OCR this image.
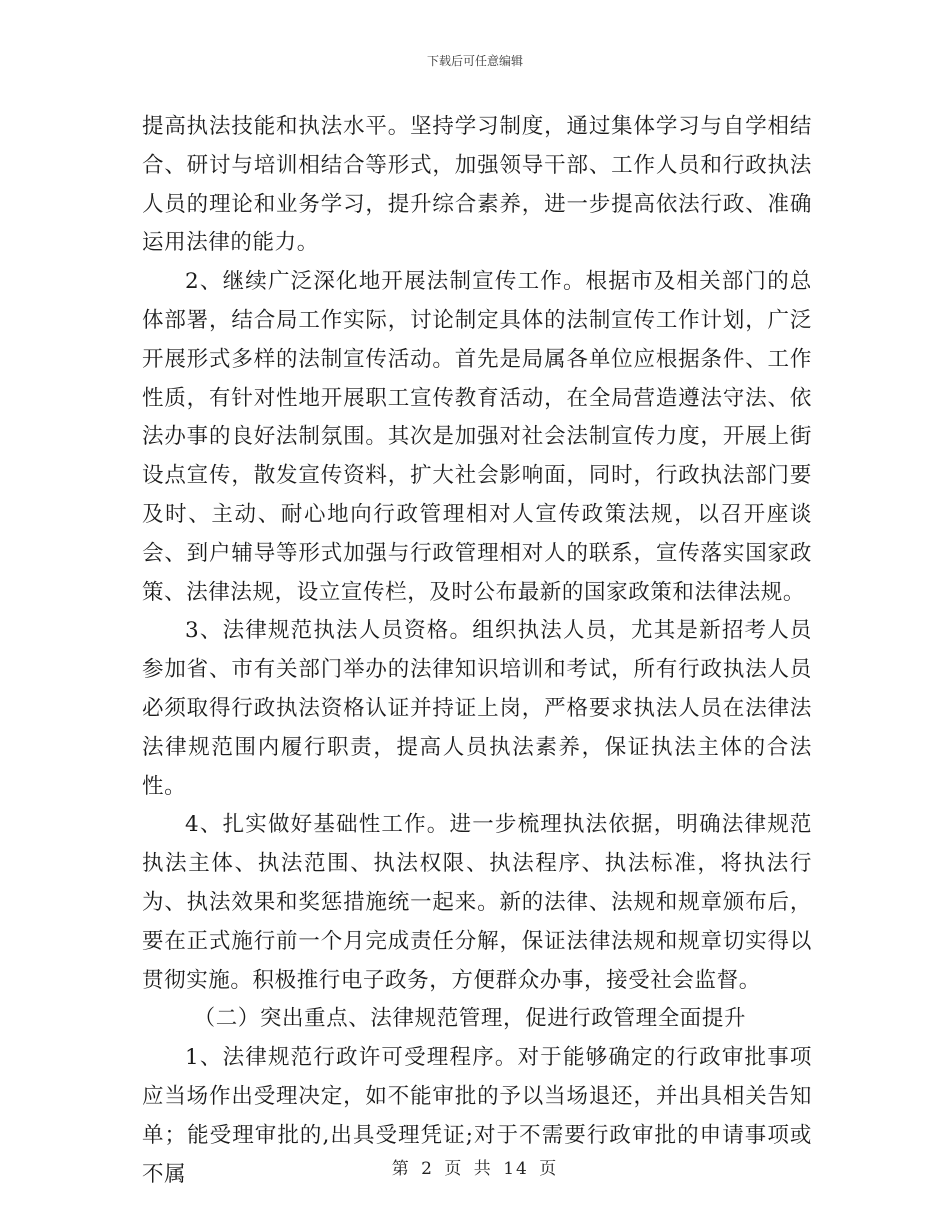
下载后可任意编辑

提高执法技能和执法水平。坚持学习制度，通过集体学习与自学相结合、研讨与培训相结合等形式，加强领导干部、工作人员和行政执法人员的理论和业务学习，提升综合素养，进一步提高依法行政、准确运用法律的能力。

2、继续广泛深化地开展法制宣传工作。根据市及相关部门的总体部署，结合局工作实际，讨论制定具体的法制宣传工作计划，广泛开展形式多样的法制宣传活动。首先是局属各单位应根据条件、工作性质，有针对性地开展职工宣传教育活动，在全局营造遵法守法、依法办事的良好法制氛围。其次是加强对社会法制宣传力度，开展上街设点宣传，散发宣传资料，扩大社会影响面，同时，行政执法部门要及时、主动、耐心地向行政管理相对人宣传政策法规，以召开座谈会、到户辅导等形式加强与行政管理相对人的联系，宣传落实国家政策、法律法规，设立宣传栏，及时公布最新的国家政策和法律法规。

3、法律规范执法人员资格。组织执法人员，尤其是新招考人员参加省、市有关部门举办的法律知识培训和考试，所有行政执法人员必须取得行政执法资格认证并持证上岗，严格要求执法人员在法律法法律规范围内履行职责，提高人员执法素养，保证执法主体的合法性。

4、扎实做好基础性工作。进一步梳理执法依据，明确法律规范执法主体、执法范围、执法权限、执法程序、执法标准，将执法行为、执法效果和奖惩措施统一起来。新的法律、法规和规章颁布后，要在正式施行前一个月完成责任分解，保证法律法规和规章切实得以贯彻实施。积极推行电子政务，方便群众办事，接受社会监督。

（二）突出重点、法律规范管理，促进行政管理全面提升

1、法律规范行政许可受理程序。对于能够确定的行政审批事项应当场作出受理决定，如不能审批的予以当场退还，并出具相关告知单；能受理审批的,出具受理凭证;对于不需要行政审批的申请事项或不属	第 2 页 共 14 页
